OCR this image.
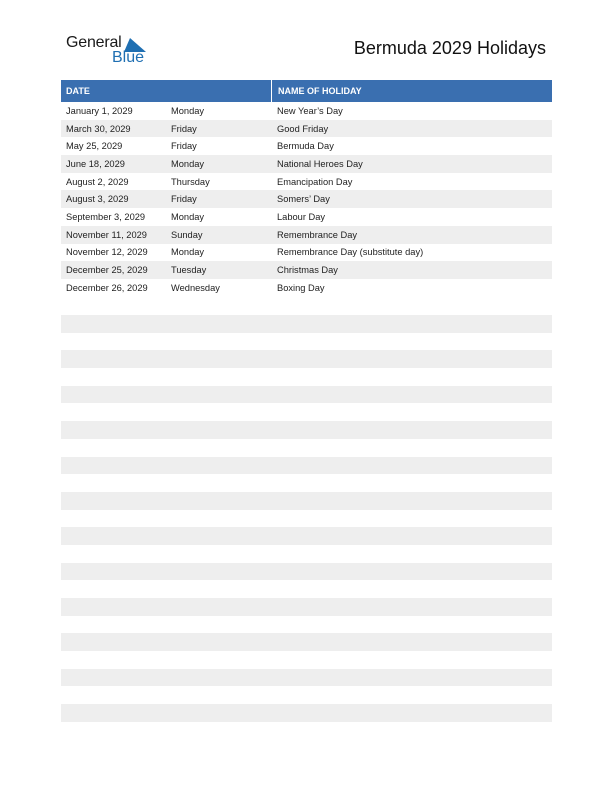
General
Blue	Bermuda 2029 Holidays
DATE	NAME OF HOLIDAY
January 1, 2029	Monday	New Year’s Day
March 30, 2029	Friday	Good Friday
May 25, 2029	Friday	Bermuda Day
June 18, 2029	Monday	National Heroes Day
August 2, 2029	Thursday	Emancipation Day
August 3, 2029	Friday	Somers’ Day
September 3, 2029	Monday	Labour Day
November 11, 2029	Sunday	Remembrance Day
November 12, 2029	Monday	Remembrance Day (substitute day)
December 25, 2029	Tuesday	Christmas Day
December 26, 2029	Wednesday	Boxing Day
